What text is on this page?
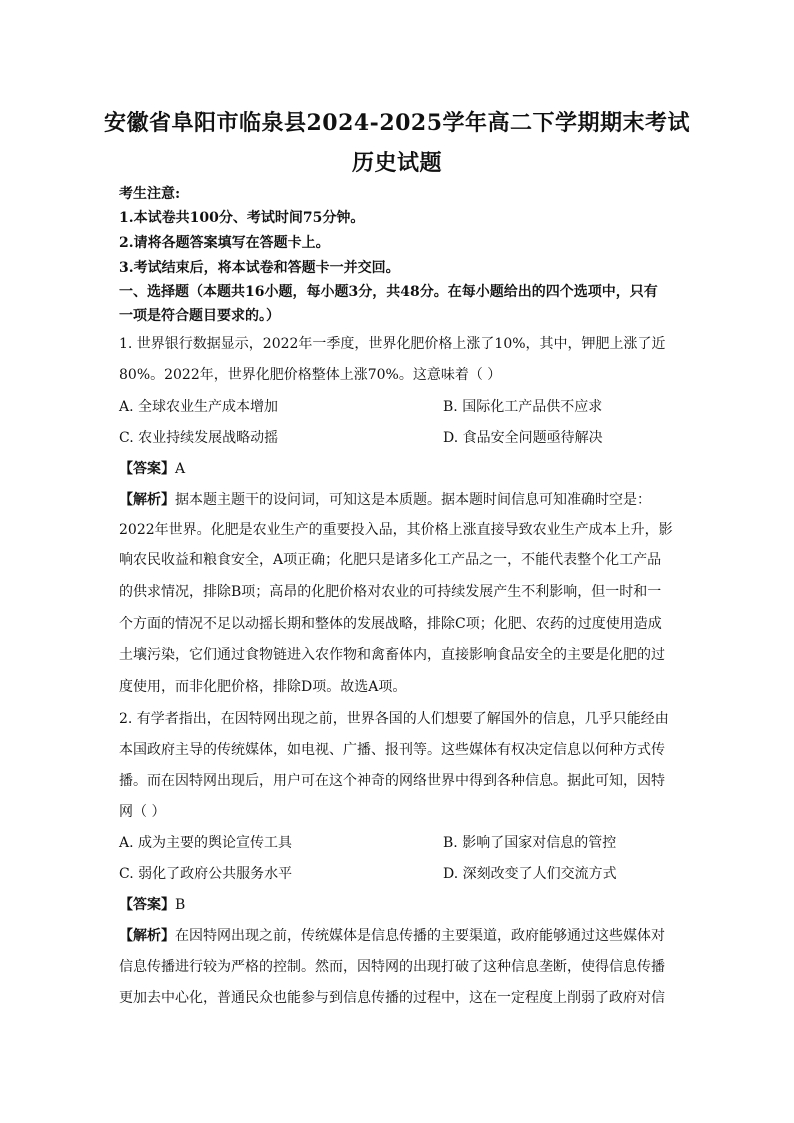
安徽省阜阳市临泉县2024-2025学年高二下学期期末考试
历史试题
考生注意:
1.本试卷共100分、考试时间75分钟。
2.请将各题答案填写在答题卡上。
3.考试结束后，将本试卷和答题卡一并交回。
一、选择题（本题共16小题，每小题3分，共48分。在每小题给出的四个选项中，只有
一项是符合题目要求的。）
1. 世界银行数据显示，2022年一季度，世界化肥价格上涨了10%，其中，钾肥上涨了近
80%。2022年，世界化肥价格整体上涨70%。这意味着（ ）
A. 全球农业生产成本增加	B. 国际化工产品供不应求
C. 农业持续发展战略动摇	D. 食品安全问题亟待解决
【答案】A
【解析】据本题主题干的设问词，可知这是本质题。据本题时间信息可知准确时空是：
2022年世界。化肥是农业生产的重要投入品，其价格上涨直接导致农业生产成本上升，影
响农民收益和粮食安全，A项正确；化肥只是诸多化工产品之一，不能代表整个化工产品
的供求情况，排除B项；高昂的化肥价格对农业的可持续发展产生不利影响，但一时和一
个方面的情况不足以动摇长期和整体的发展战略，排除C项；化肥、农药的过度使用造成
土壤污染，它们通过食物链进入农作物和禽畜体内，直接影响食品安全的主要是化肥的过
度使用，而非化肥价格，排除D项。故选A项。
2. 有学者指出，在因特网出现之前，世界各国的人们想要了解国外的信息，几乎只能经由
本国政府主导的传统媒体，如电视、广播、报刊等。这些媒体有权决定信息以何种方式传
播。而在因特网出现后，用户可在这个神奇的网络世界中得到各种信息。据此可知，因特
网（ ）
A. 成为主要的舆论宣传工具	B. 影响了国家对信息的管控
C. 弱化了政府公共服务水平	D. 深刻改变了人们交流方式
【答案】B
【解析】在因特网出现之前，传统媒体是信息传播的主要渠道，政府能够通过这些媒体对
信息传播进行较为严格的控制。然而，因特网的出现打破了这种信息垄断，使得信息传播
更加去中心化，普通民众也能参与到信息传播的过程中，这在一定程度上削弱了政府对信
